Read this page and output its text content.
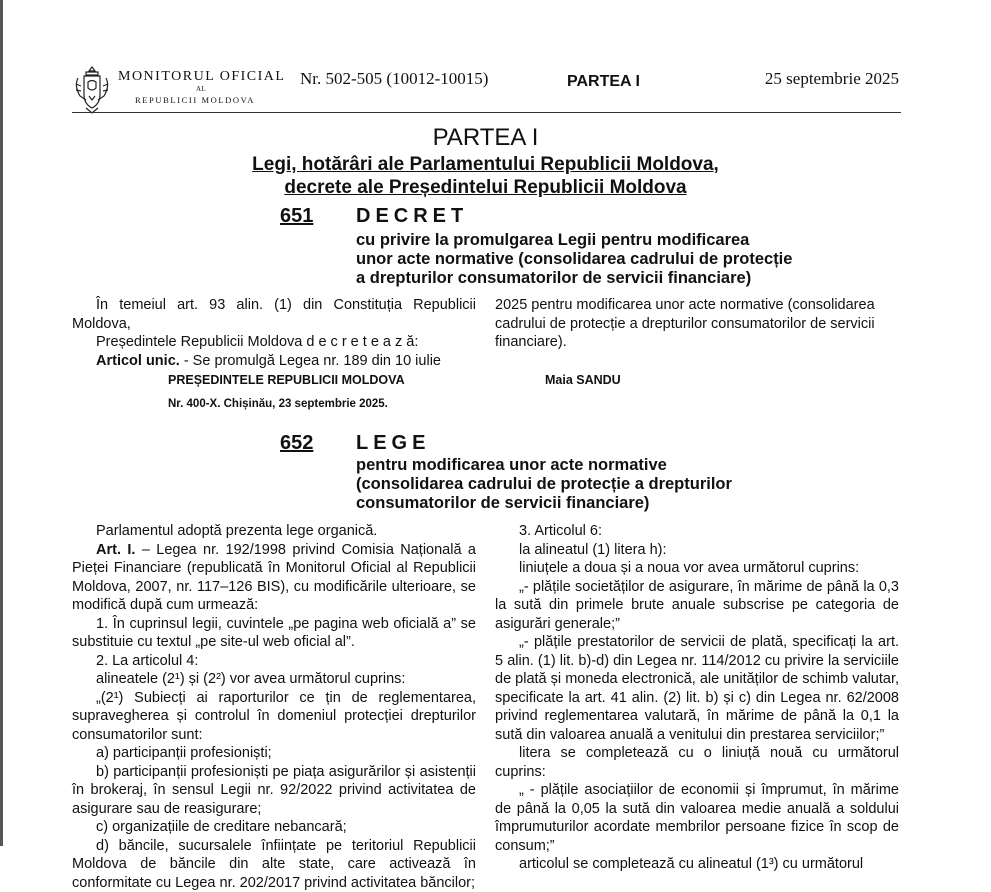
MONITORUL OFICIAL
AL
REPUBLICII MOLDOVA
Nr. 502-505 (10012-10015)	PARTEA I	25 septembrie 2025
PARTEA I
Legi, hotărâri ale Parlamentului Republicii Moldova,
decrete ale Președintelui Republicii Moldova
651 DECRET
cu privire la promulgarea Legii pentru modificarea
unor acte normative (consolidarea cadrului de protecție
a drepturilor consumatorilor de servicii financiare)

În temeiul art. 93 alin. (1) din Constituția Republicii Moldova,

Președintele Republicii Moldova d e c r e t e a z ă:

Articol unic. - Se promulgă Legea nr. 189 din 10 iulie

2025 pentru modificarea unor acte normative (consolidarea cadrului de protecție a drepturilor consumatorilor de servicii financiare).

PREȘEDINTELE REPUBLICII MOLDOVA	Maia SANDU
Nr. 400-X. Chișinău, 23 septembrie 2025.
652 LEGE
pentru modificarea unor acte normative
(consolidarea cadrului de protecție a drepturilor
consumatorilor de servicii financiare)

Parlamentul adoptă prezenta lege organică.

Art. I. – Legea nr. 192/1998 privind Comisia Națională a Pieței Financiare (republicată în Monitorul Oficial al Republicii Moldova, 2007, nr. 117–126 BIS), cu modificările ulterioare, se modifică după cum urmează:

1. În cuprinsul legii, cuvintele „pe pagina web oficială a” se substituie cu textul „pe site-ul web oficial al”.

2. La articolul 4:

alineatele (2¹) și (2²) vor avea următorul cuprins:

„(2¹) Subiecți ai raporturilor ce țin de reglementarea, supravegherea și controlul în domeniul protecției drepturilor consumatorilor sunt:

a) participanții profesioniști;

b) participanții profesioniști pe piața asigurărilor și asistenții în brokeraj, în sensul Legii nr. 92/2022 privind activitatea de asigurare sau de reasigurare;

c) organizațiile de creditare nebancară;

d) băncile, sucursalele înființate pe teritoriul Republicii Moldova de băncile din alte state, care activează în conformitate cu Legea nr. 202/2017 privind activitatea băncilor;

3. Articolul 6:

la alineatul (1) litera h):

liniuțele a doua și a noua vor avea următorul cuprins:

„- plățile societăților de asigurare, în mărime de până la 0,3 la sută din primele brute anuale subscrise pe categoria de asigurări generale;”

„- plățile prestatorilor de servicii de plată, specificați la art. 5 alin. (1) lit. b)-d) din Legea nr. 114/2012 cu privire la serviciile de plată și moneda electronică, ale unităților de schimb valutar, specificate la art. 41 alin. (2) lit. b) și c) din Legea nr. 62/2008 privind reglementarea valutară, în mărime de până la 0,1 la sută din valoarea anuală a venitului din prestarea serviciilor;”

litera se completează cu o liniuță nouă cu următorul cuprins:

„ - plățile asociațiilor de economii și împrumut, în mărime de până la 0,05 la sută din valoarea medie anuală a soldului împrumuturilor acordate membrilor persoane fizice în scop de consum;”

articolul se completează cu alineatul (1³) cu următorul
